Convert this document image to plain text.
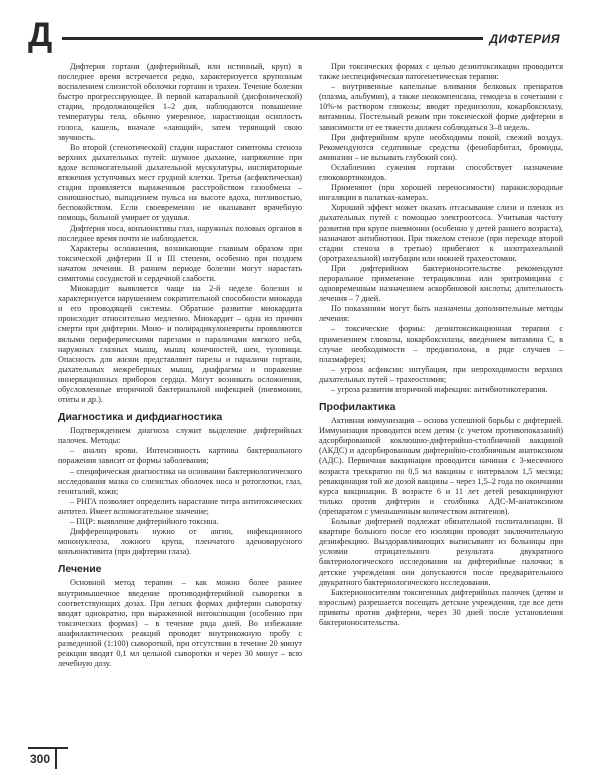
Д	ДИФТЕРИЯ

Дифтерия гортани (дифтерийный, или истинный, круп) в последнее время встречается редко, характеризуется крупозным воспалением слизистой оболочки гортани и трахеи. Течение болезни быстро прогрессирующее. В первой катаральной (дисфонической) стадии, продолжающейся 1–2 дня, наблюдаются повышение температуры тела, обычно умеренное, нарастающая осиплость голоса, кашель, вначале «лающий», затем теряющий свою звучность.

Во второй (стенотической) стадии нарастают симптомы стеноза верхних дыхательных путей: шумное дыхание, напряжение при вдохе вспомогательной дыхательной мускулатуры, инспираторные втяжения уступчивых мест грудной клетки. Третья (асфиктическая) стадия проявляется выраженным расстройством газообмена – синюшностью, выпадением пульса на высоте вдоха, потливостью, беспокойством. Если своевременно не оказывают врачебную помощь, больной умирает от удушья.

Дифтерия носа, конъюнктивы глаз, наружных половых органов в последнее время почти не наблюдается.

Характеры осложнения, возникающие главным образом при токсической дифтерии II и III степени, особенно при позднем начатом лечении. В раннем периоде болезни могут нарастать симптомы сосудистой и сердечной слабости.

Миокардит выявляется чаще на 2-й неделе болезни и характеризуется нарушением сократительной способности миокарда и его проводящей системы. Обратное развитие миокардита происходит относительно медленно. Миокардит – одна из причин смерти при дифтерии. Моно- и полирадикулоневриты проявляются вялыми периферическими парезами и параличами мягкого неба, наружных глазных мышц, мышц конечностей, шеи, туловища. Опасность для жизни представляют парезы и параличи гортани, дыхательных межреберных мышц, диафрагмы и поражение иннервационных приборов сердца. Могут возникать осложнения, обусловленные вторичной бактериальной инфекцией (пневмонии, отиты и др.).

Диагностика и дифдиагностика

Подтверждением диагноза служит выделение дифтерийных палочек. Методы:

– анализ крови. Интенсивность картины бактериального поражения зависит от формы заболевания;

– специфическая диагностика на основании бактериологического исследования мазка со слизистых оболочек носа и ротоглотки, глаз, гениталий, кожи;

– РНГА позволяет определить нарастание титра антитоксических антител. Имеет вспомогательное значение;

– ПЦР: выявление дифтерийного токсина.

Дифференцировать нужно от ангин, инфекционного мононуклеоза, ложного крупа, пленчатого аденовирусного конъюнктивита (при дифтерии глаза).

Лечение

Основной метод терапии – как можно более раннее внутримышечное введение противодифтерийной сыворотки в соответствующих дозах. При легких формах дифтерии сыворотку вводят однократно, при выраженной интоксикации (особенно при токсических формах) – в течение ряда дней. Во избежание анафилактических реакций проводят внутрикожную пробу с разведенной (1:100) сывороткой, при отсутствии в течение 20 минут реакции вводят 0,1 мл цельной сыворотки и через 30 минут – всю лечебную дозу.

При токсических формах с целью дезинтоксикации проводится также неспецифическая патогенетическая терапия:

– внутривенные капельные вливания белковых препаратов (плазма, альбумин), а также неокомпенсана, гемодеза в сочетании с 10%-м раствором глюкозы; вводят преднизолон, кокарбоксилазу, витамины. Постельный режим при токсической форме дифтерии в зависимости от ее тяжести должен соблюдаться 3–8 недель.

При дифтерийном крупе необходимы покой, свежий воздух. Рекомендуются седативные средства (фенобарбитал, бромиды, аминазин – не вызывать глубокий сон).

Ослаблению сужения гортани способствует назначение глюкокортикоидов.

Применяют (при хорошей переносимости) паракислородные ингаляции в палатках-камерах.

Хороший эффект может оказать отсасывание слизи и пленок из дыхательных путей с помощью электроотсоса. Учитывая частоту развития при крупе пневмонии (особенно у детей раннего возраста), назначают антибиотики. При тяжелом стенозе (при переходе второй стадии стеноза в третью) прибегают к назотрахеальной (оротрахеальной) интубации или нижней трахеостомии.

При дифтерийном бактерионосительстве рекомендуют пероральное применение тетрациклина или эритромицина с одновременным назначением аскорбиновой кислоты; длительность лечения – 7 дней.

По показаниям могут быть назначены дополнительные методы лечения:

– токсические формы: дезинтоксикационная терапия с применением глюкозы, кокарбоксилазы, введением витамина С, в случае необходимости – преднизолона, в ряде случаев – плазмаферез;

– угроза асфиксии: интубация, при непроходимости верхних дыхательных путей – трахеостомия;

– угроза развития вторичной инфекции: антибиотикотерапия.

Профилактика

Активная иммунизация – основа успешной борьбы с дифтерией. Иммунизация проводится всем детям (с учетом противопоказаний) адсорбированной коклюшно-дифтерийно-столбнячной вакциной (АКДС) и адсорбированным дифтерийно-столбнячным анатоксином (АДС). Первичная вакцинация проводится начиная с 3-месячного возраста трехкратно по 0,5 мл вакцины с интервалом 1,5 месяца; ревакцинация той же дозой вакцины – через 1,5–2 года по окончании курса вакцинации. В возрасте 6 и 11 лет детей ревакцинируют только против дифтерии и столбняка АДС-М-анатоксином (препаратом с уменьшенным количеством антигенов).

Больные дифтерией подлежат обязательной госпитализации. В квартире больного после его изоляции проводят заключительную дезинфекцию. Выздоравливающих выписывают из больницы при условии отрицательного результата двукратного бактериологического исследования на дифтерийные палочки; в детские учреждения они допускаются после предварительного двукратного бактериологического исследования.

Бактерионосителям токсигенных дифтерийных палочек (детям и взрослым) разрешается посещать детские учреждения, где все дети привиты против дифтерии, через 30 дней после установления бактерионосительства.

300
